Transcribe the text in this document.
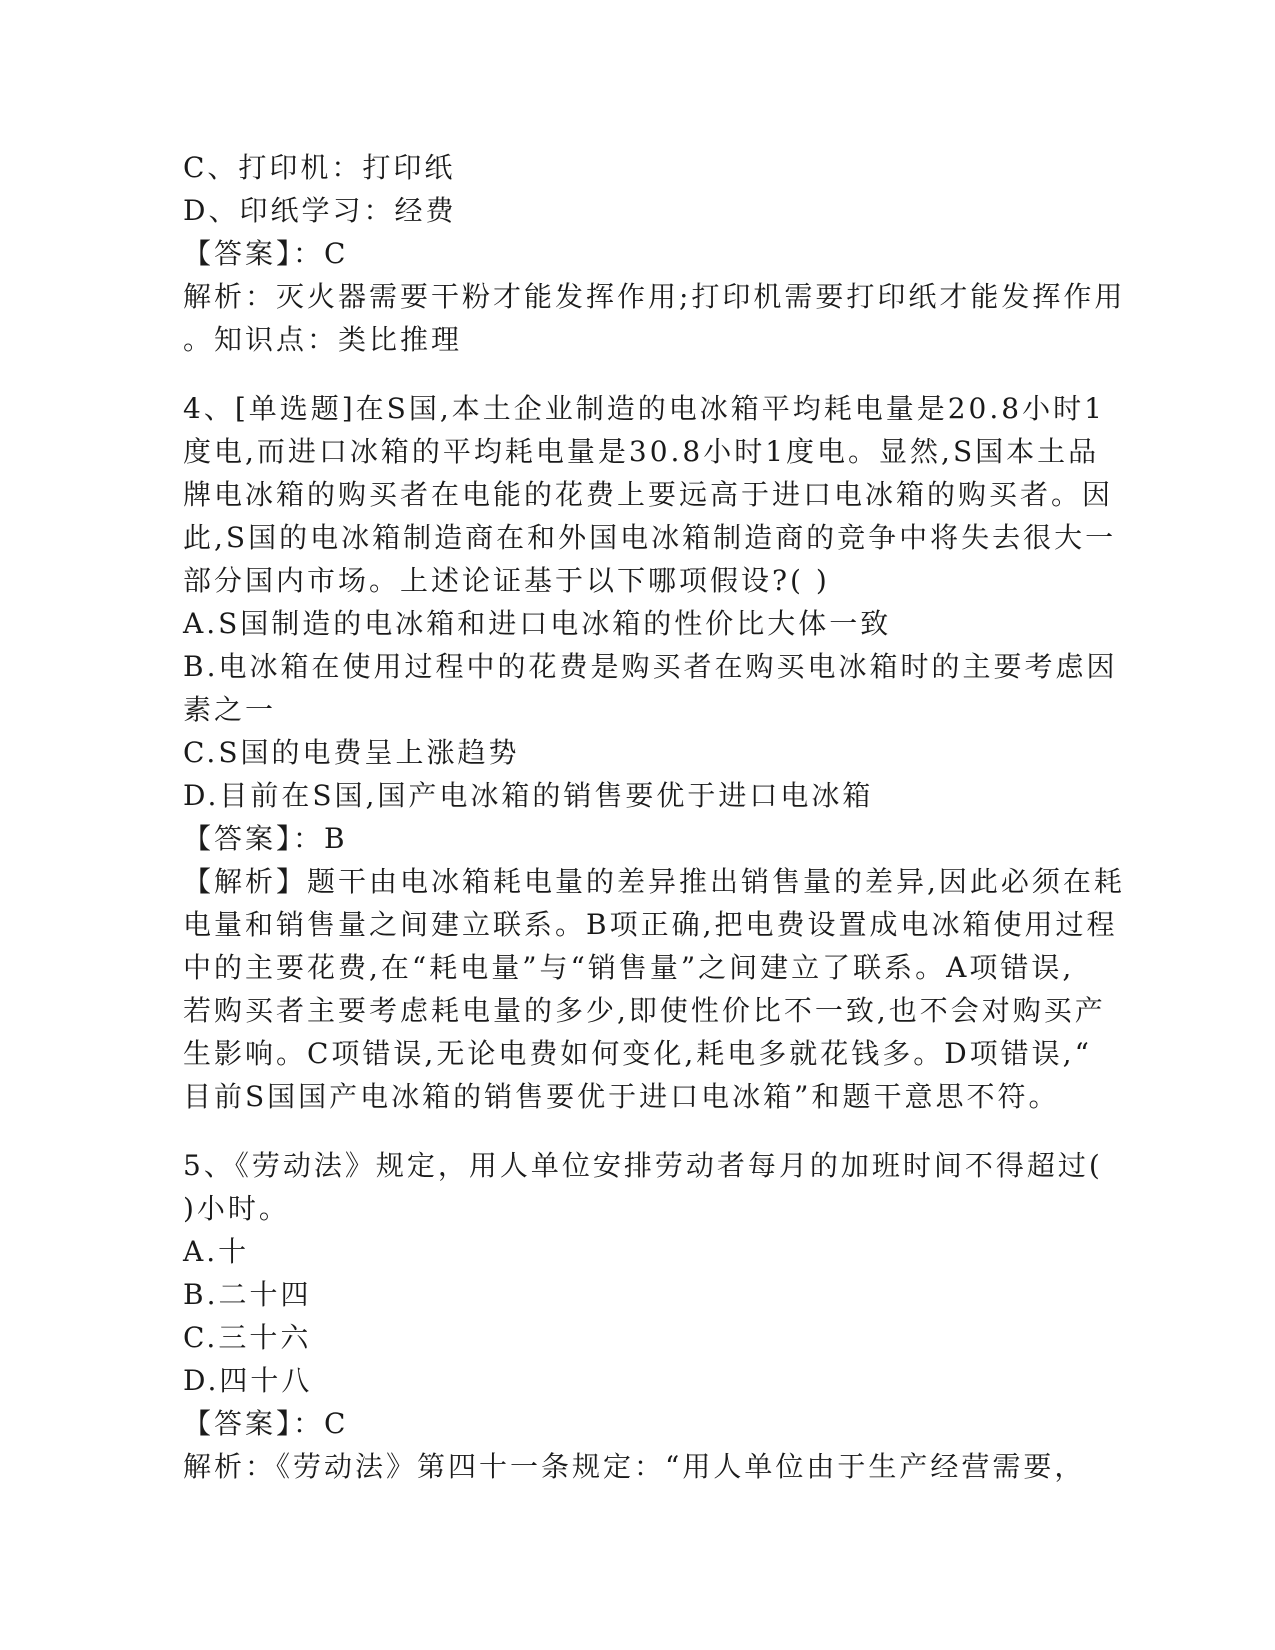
C、打印机：打印纸
D、印纸学习：经费
【答案】：C
解析：灭火器需要干粉才能发挥作用;打印机需要打印纸才能发挥作用
。知识点：类比推理
4、[单选题]在S国,本土企业制造的电冰箱平均耗电量是20.8小时1
度电,而进口冰箱的平均耗电量是30.8小时1度电。显然,S国本土品
牌电冰箱的购买者在电能的花费上要远高于进口电冰箱的购买者。因
此,S国的电冰箱制造商在和外国电冰箱制造商的竞争中将失去很大一
部分国内市场。上述论证基于以下哪项假设?( )
A.S国制造的电冰箱和进口电冰箱的性价比大体一致
B.电冰箱在使用过程中的花费是购买者在购买电冰箱时的主要考虑因
素之一
C.S国的电费呈上涨趋势
D.目前在S国,国产电冰箱的销售要优于进口电冰箱
【答案】：B
【解析】题干由电冰箱耗电量的差异推出销售量的差异,因此必须在耗
电量和销售量之间建立联系。B项正确,把电费设置成电冰箱使用过程
中的主要花费,在“耗电量”与“销售量”之间建立了联系。A项错误,
若购买者主要考虑耗电量的多少,即使性价比不一致,也不会对购买产
生影响。C项错误,无论电费如何变化,耗电多就花钱多。D项错误,“
目前S国国产电冰箱的销售要优于进口电冰箱”和题干意思不符。
5、《劳动法》规定，用人单位安排劳动者每月的加班时间不得超过(
)小时。
A.十
B.二十四
C.三十六
D.四十八
【答案】：C
解析：《劳动法》第四十一条规定：“用人单位由于生产经营需要，
